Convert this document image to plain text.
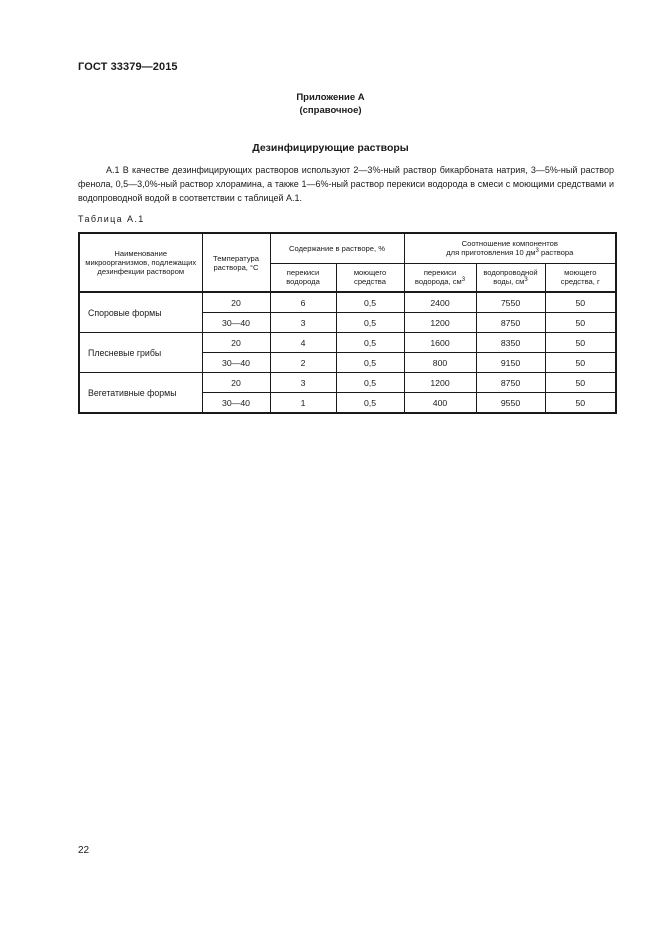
ГОСТ 33379—2015
Приложение А
(справочное)
Дезинфицирующие растворы

А.1 В качестве дезинфицирующих растворов используют 2—3%-ный раствор бикарбоната натрия, 3—5%-ный раствор фенола, 0,5—3,0%-ный раствор хлорамина, а также 1—6%-ный раствор перекиси водорода в смеси с моющими средствами и водопроводной водой в соответствии с таблицей А.1.

Таблица А.1
Наименование микроорганизмов, подлежащих дезинфекции раствором	Температура раствора, °С	Содержание в растворе, %		Соотношение компонентов
для приготовления 10 $дм^3$ раствора		
		перекиси водорода	моющего средства	перекиси водорода, $см^3$	водопроводной воды, $см^3$	моющего средства, г
Споровые формы	20	6	0,5	2400	7550	50
	30—40	3	0,5	1200	8750	50
Плесневые грибы	20	4	0,5	1600	8350	50
	30—40	2	0,5	800	9150	50
Вегетативные формы	20	3	0,5	1200	8750	50
	30—40	1	0,5	400	9550	50
22
